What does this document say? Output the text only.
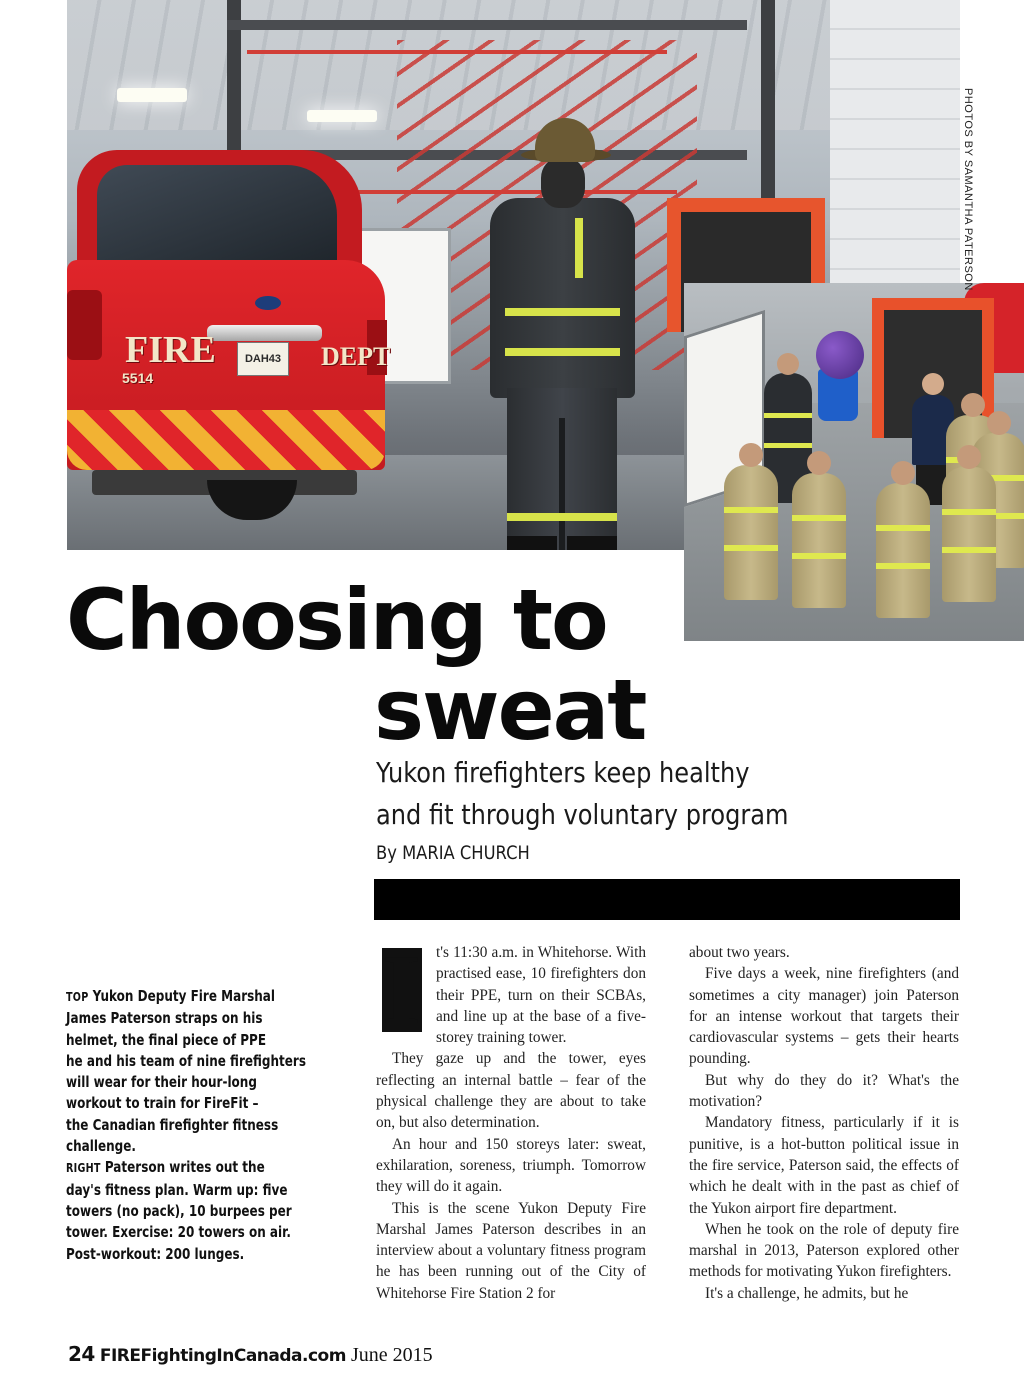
FIRE
5514
DEPT
DAH43
PHOTOS BY SAMANTHA PATERSON
Choosing to
sweat
Yukon firefighters keep healthy
and fit through voluntary program
By MARIA CHURCH
TOP Yukon Deputy Fire Marshal
James Paterson straps on his
helmet, the final piece of PPE
he and his team of nine firefighters
will wear for their hour-long
workout to train for FireFit –
the Canadian firefighter fitness
challenge.
RIGHT Paterson writes out the
day's fitness plan. Warm up: five
towers (no pack), 10 burpees per
tower. Exercise: 20 towers on air.
Post-workout: 200 lunges.
I t's 11:30 a.m. in Whitehorse. With practised ease, 10 firefighters don their PPE, turn on their SCBAs, and line up at the base of a five-storey training tower.

They gaze up and the tower, eyes reflecting an internal battle – fear of the physical challenge they are about to take on, but also determination.

An hour and 150 storeys later: sweat, exhilaration, soreness, triumph. Tomorrow they will do it again.

This is the scene Yukon Deputy Fire Marshal James Paterson describes in an interview about a voluntary fitness program he has been running out of the City of Whitehorse Fire Station 2 for

about two years.

Five days a week, nine firefighters (and sometimes a city manager) join Paterson for an intense workout that targets their cardiovascular systems – gets their hearts pounding.

But why do they do it? What's the motivation?

Mandatory fitness, particularly if it is punitive, is a hot-button political issue in the fire service, Paterson said, the effects of which he dealt with in the past as chief of the Yukon airport fire department.

When he took on the role of deputy fire marshal in 2013, Paterson explored other methods for motivating Yukon firefighters.

It's a challenge, he admits, but he

24 FIREFightingInCanada.com June 2015
